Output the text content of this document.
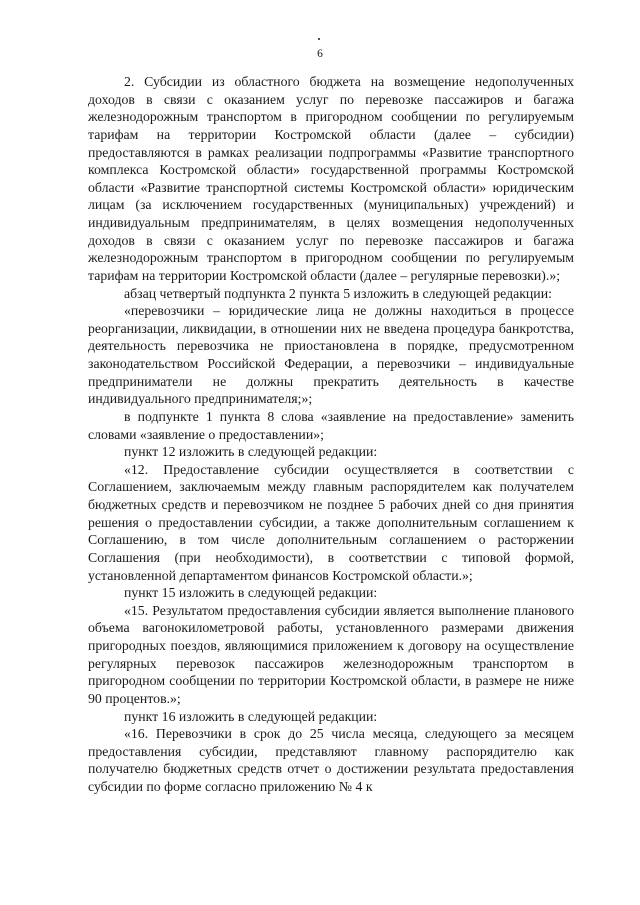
6

2. Субсидии из областного бюджета на возмещение недополученных доходов в связи с оказанием услуг по перевозке пассажиров и багажа железнодорожным транспортом в пригородном сообщении по регулируемым тарифам на территории Костромской области (далее – субсидии) предоставляются в рамках реализации подпрограммы «Развитие транспортного комплекса Костромской области» государственной программы Костромской области «Развитие транспортной системы Костромской области» юридическим лицам (за исключением государственных (муниципальных) учреждений) и индивидуальным предпринимателям, в целях возмещения недополученных доходов в связи с оказанием услуг по перевозке пассажиров и багажа железнодорожным транспортом в пригородном сообщении по регулируемым тарифам на территории Костромской области (далее – регулярные перевозки).»;

абзац четвертый подпункта 2 пункта 5 изложить в следующей редакции:

«перевозчики – юридические лица не должны находиться в процессе реорганизации, ликвидации, в отношении них не введена процедура банкротства, деятельность перевозчика не приостановлена в порядке, предусмотренном законодательством Российской Федерации, а перевозчики – индивидуальные предприниматели не должны прекратить деятельность в качестве индивидуального предпринимателя;»;

в подпункте 1 пункта 8 слова «заявление на предоставление» заменить словами «заявление о предоставлении»;

пункт 12 изложить в следующей редакции:

«12. Предоставление субсидии осуществляется в соответствии с Соглашением, заключаемым между главным распорядителем как получателем бюджетных средств и перевозчиком не позднее 5 рабочих дней со дня принятия решения о предоставлении субсидии, а также дополнительным соглашением к Соглашению, в том числе дополнительным соглашением о расторжении Соглашения (при необходимости), в соответствии с типовой формой, установленной департаментом финансов Костромской области.»;

пункт 15 изложить в следующей редакции:

«15. Результатом предоставления субсидии является выполнение планового объема вагонокилометровой работы, установленного размерами движения пригородных поездов, являющимися приложением к договору на осуществление регулярных перевозок пассажиров железнодорожным транспортом в пригородном сообщении по территории Костромской области, в размере не ниже 90 процентов.»;

пункт 16 изложить в следующей редакции:

«16. Перевозчики в срок до 25 числа месяца, следующего за месяцем предоставления субсидии, представляют главному распорядителю как получателю бюджетных средств отчет о достижении результата предоставления субсидии по форме согласно приложению № 4 к
